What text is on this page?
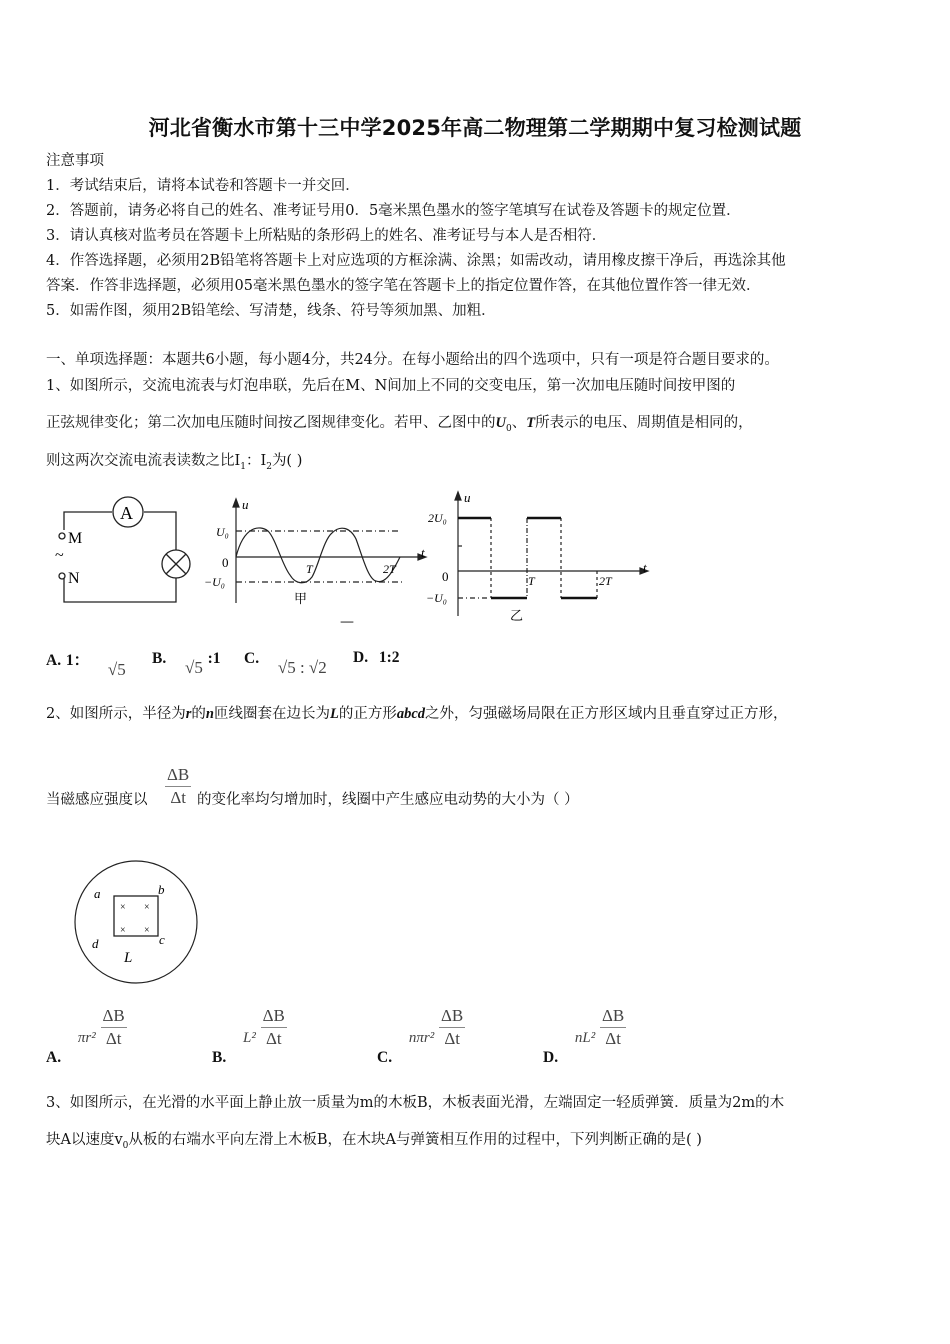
河北省衡水市第十三中学2025年高二物理第二学期期中复习检测试题
注意事项
1．考试结束后，请将本试卷和答题卡一并交回．
2．答题前，请务必将自己的姓名、准考证号用0．5毫米黑色墨水的签字笔填写在试卷及答题卡的规定位置．
3．请认真核对监考员在答题卡上所粘贴的条形码上的姓名、准考证号与本人是否相符．
4．作答选择题，必须用2B铅笔将答题卡上对应选项的方框涂满、涂黑；如需改动，请用橡皮擦干净后，再选涂其他
答案．作答非选择题，必须用05毫米黑色墨水的签字笔在答题卡上的指定位置作答，在其他位置作答一律无效．
5．如需作图，须用2B铅笔绘、写清楚，线条、符号等须加黑、加粗．
一、单项选择题：本题共6小题，每小题4分，共24分。在每小题给出的四个选项中，只有一项是符合题目要求的。
1、如图所示，交流电流表与灯泡串联，先后在M、N间加上不同的交变电压，第一次加电压随时间按甲图的
正弦规律变化；第二次加电压随时间按乙图规律变化。若甲、乙图中的$U_0$、T所表示的电压、周期值是相同的，
则这两次交流电流表读数之比$I_1$：$I_2$为( )
A
M
~
N
u
t
U₀
0
−U₀
T	2T
甲
—
u
t
2U₀
0
−U₀
T	2T
乙
A. 1： √5
B. √5 :1 C. √5 : √2
D. 1:2
2、如图所示，半径为r的n匝线圈套在边长为L的正方形abcd之外，匀强磁场局限在正方形区域内且垂直穿过正方形，
当磁感应强度以 $\frac{\Delta B}{\Delta t}$ 的变化率均匀增加时，线圈中产生感应电动势的大小为（ ）
× ×
× ×
a	b
c
d
L
A. $\pi r^2 \frac{\Delta B}{\Delta t}$
B. $L^2 \frac{\Delta B}{\Delta t}$
C. $n\pi r^2 \frac{\Delta B}{\Delta t}$
D. $nL^2 \frac{\Delta B}{\Delta t}$
3、如图所示，在光滑的水平面上静止放一质量为m的木板B，木板表面光滑，左端固定一轻质弹簧．质量为2m的木
块A以速度$v_0$从板的右端水平向左滑上木板B，在木块A与弹簧相互作用的过程中，下列判断正确的是( )
